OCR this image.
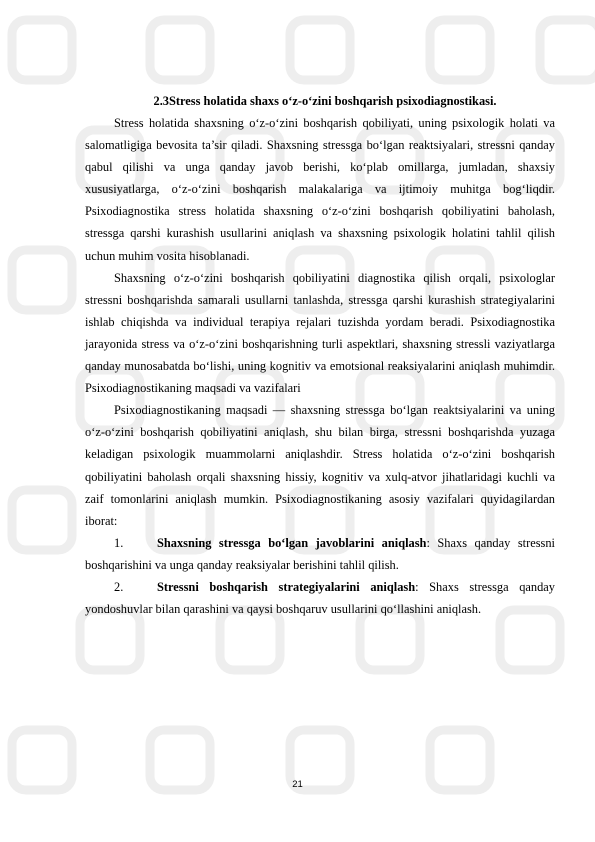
2.3Stress holatida shaxs o‘z-o‘zini boshqarish psixodiagnostikasi.

Stress holatida shaxsning o‘z-o‘zini boshqarish qobiliyati, uning psixologik holati va salomatligiga bevosita ta’sir qiladi. Shaxsning stressga bo‘lgan reaktsiyalari, stressni qanday qabul qilishi va unga qanday javob berishi, ko‘plab omillarga, jumladan, shaxsiy xususiyatlarga, o‘z-o‘zini boshqarish malakalariga va ijtimoiy muhitga bog‘liqdir. Psixodiagnostika stress holatida shaxsning o‘z-o‘zini boshqarish qobiliyatini baholash, stressga qarshi kurashish usullarini aniqlash va shaxsning psixologik holatini tahlil qilish uchun muhim vosita hisoblanadi.

Shaxsning o‘z-o‘zini boshqarish qobiliyatini diagnostika qilish orqali, psixologlar stressni boshqarishda samarali usullarni tanlashda, stressga qarshi kurashish strategiyalarini ishlab chiqishda va individual terapiya rejalari tuzishda yordam beradi. Psixodiagnostika jarayonida stress va o‘z-o‘zini boshqarishning turli aspektlari, shaxsning stressli vaziyatlarga qanday munosabatda bo‘lishi, uning kognitiv va emotsional reaksiyalarini aniqlash muhimdir. Psixodiagnostikaning maqsadi va vazifalari

Psixodiagnostikaning maqsadi — shaxsning stressga bo‘lgan reaktsiyalarini va uning o‘z-o‘zini boshqarish qobiliyatini aniqlash, shu bilan birga, stressni boshqarishda yuzaga keladigan psixologik muammolarni aniqlashdir. Stress holatida o‘z-o‘zini boshqarish qobiliyatini baholash orqali shaxsning hissiy, kognitiv va xulq-atvor jihatlaridagi kuchli va zaif tomonlarini aniqlash mumkin. Psixodiagnostikaning asosiy vazifalari quyidagilardan iborat:

1.	Shaxsning stressga bo‘lgan javoblarini aniqlash: Shaxs qanday stressni boshqarishini va unga qanday reaksiyalar berishini tahlil qilish.

2.	Stressni boshqarish strategiyalarini aniqlash: Shaxs stressga qanday yondoshuvlar bilan qarashini va qaysi boshqaruv usullarini qo‘llashini aniqlash.

21
